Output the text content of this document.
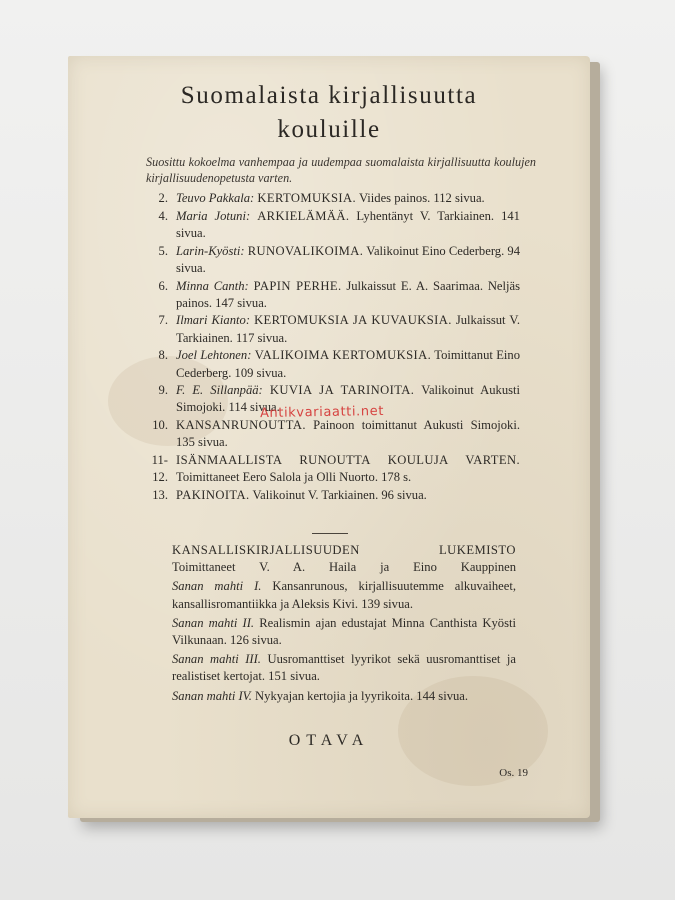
Suomalaista kirjallisuutta
kouluille
Suosittu kokoelma vanhempaa ja uudempaa suomalaista kirjallisuutta koulujen kirjallisuudenopetusta varten.
2. Teuvo Pakkala: KERTOMUKSIA. Viides painos. 112 sivua.
4. Maria Jotuni: ARKIELÄMÄÄ. Lyhentänyt V. Tarkiainen. 141 sivua.
5. Larin-Kyösti: RUNOVALIKOIMA. Valikoinut Eino Cederberg. 94 sivua.
6. Minna Canth: PAPIN PERHE. Julkaissut E. A. Saarimaa. Neljäs painos. 147 sivua.
7. Ilmari Kianto: KERTOMUKSIA JA KUVAUKSIA. Julkaissut V. Tarkiainen. 117 sivua.
8. Joel Lehtonen: VALIKOIMA KERTOMUKSIA. Toimittanut Eino Cederberg. 109 sivua.
9. F. E. Sillanpää: KUVIA JA TARINOITA. Valikoinut Aukusti Simojoki. 114 sivua.
10. KANSANRUNOUTTA. Painoon toimittanut Aukusti Simojoki. 135 sivua.
11-12.
ISÄNMAALLISTA RUNOUTTA KOULUJA VARTEN. Toimittaneet Eero Salola ja Olli Nuorto. 178 s.
13. PAKINOITA. Valikoinut V. Tarkiainen. 96 sivua.
KANSALLISKIRJALLISUUDEN LUKEMISTO
Toimittaneet V. A. Haila ja Eino Kauppinen
Sanan mahti I. Kansanrunous, kirjallisuutemme alkuvaiheet, kansallisromantiikka ja Aleksis Kivi. 139 sivua.
Sanan mahti II. Realismin ajan edustajat Minna Canthista Kyösti Vilkunaan. 126 sivua.
Sanan mahti III. Uusromanttiset lyyrikot sekä uusromanttiset ja realistiset kertojat. 151 sivua.
Sanan mahti IV. Nykyajan kertojia ja lyyrikoita. 144 sivua.
OTAVA
Os. 19
Antikvariaatti.net
